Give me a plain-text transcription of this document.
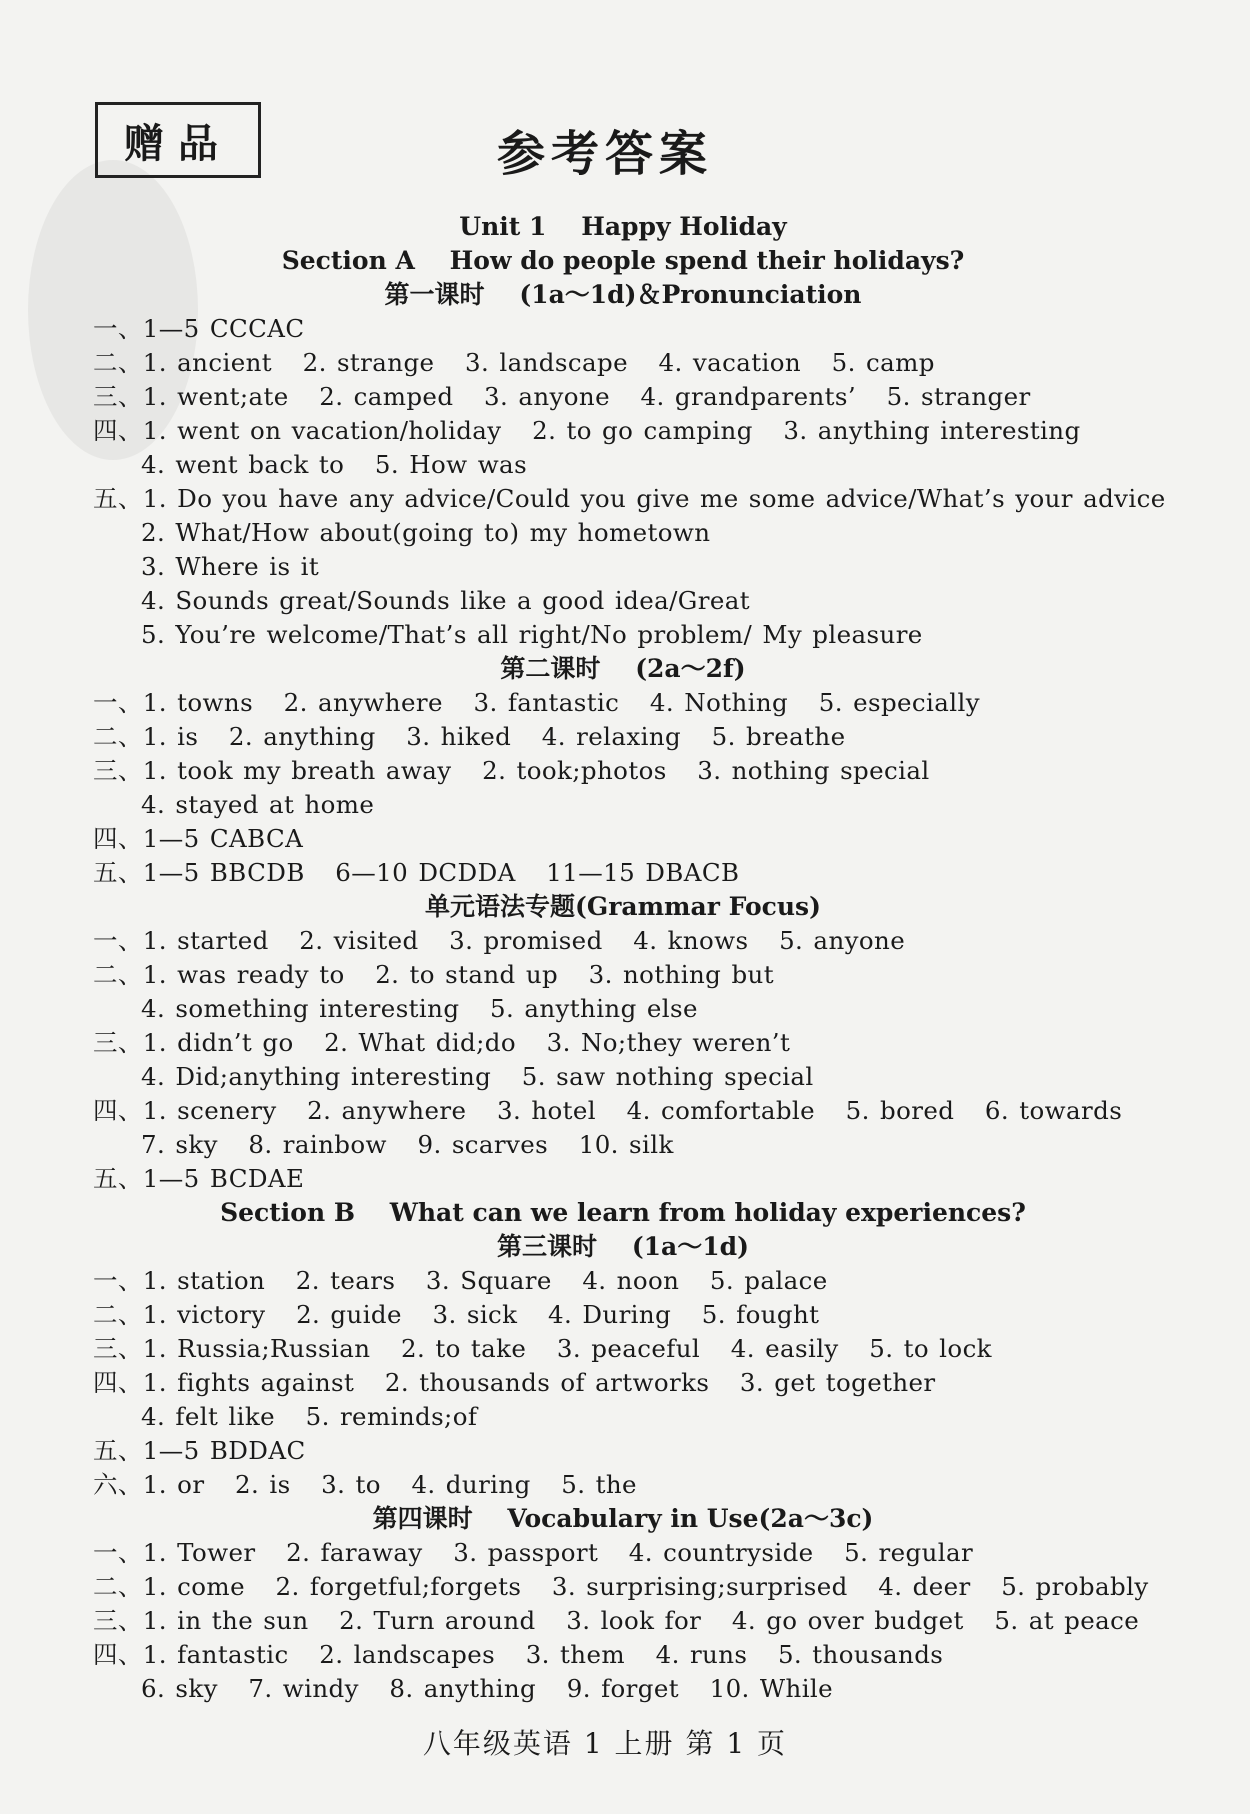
赠品	参考答案
Unit 1    Happy Holiday
Section A    How do people spend their holidays?
第一课时    (1a～1d)＆Pronunciation
一、1—5 CCCAC
二、1. ancient   2. strange   3. landscape   4. vacation   5. camp
三、1. went;ate   2. camped   3. anyone   4. grandparents’   5. stranger
四、1. went on vacation/holiday   2. to go camping   3. anything interesting
4. went back to   5. How was
五、1. Do you have any advice/Could you give me some advice/What’s your advice
2. What/How about(going to) my hometown
3. Where is it
4. Sounds great/Sounds like a good idea/Great
5. You’re welcome/That’s all right/No problem/ My pleasure
第二课时    (2a～2f)
一、1. towns   2. anywhere   3. fantastic   4. Nothing   5. especially
二、1. is   2. anything   3. hiked   4. relaxing   5. breathe
三、1. took my breath away   2. took;photos   3. nothing special
4. stayed at home
四、1—5 CABCA
五、1—5 BBCDB   6—10 DCDDA   11—15 DBACB
单元语法专题(Grammar Focus)
一、1. started   2. visited   3. promised   4. knows   5. anyone
二、1. was ready to   2. to stand up   3. nothing but
4. something interesting   5. anything else
三、1. didn’t go   2. What did;do   3. No;they weren’t
4. Did;anything interesting   5. saw nothing special
四、1. scenery   2. anywhere   3. hotel   4. comfortable   5. bored   6. towards
7. sky   8. rainbow   9. scarves   10. silk
五、1—5 BCDAE
Section B    What can we learn from holiday experiences?
第三课时    (1a～1d)
一、1. station   2. tears   3. Square   4. noon   5. palace
二、1. victory   2. guide   3. sick   4. During   5. fought
三、1. Russia;Russian   2. to take   3. peaceful   4. easily   5. to lock
四、1. fights against   2. thousands of artworks   3. get together
4. felt like   5. reminds;of
五、1—5 BDDAC
六、1. or   2. is   3. to   4. during   5. the
第四课时    Vocabulary in Use(2a～3c)
一、1. Tower   2. faraway   3. passport   4. countryside   5. regular
二、1. come   2. forgetful;forgets   3. surprising;surprised   4. deer   5. probably
三、1. in the sun   2. Turn around   3. look for   4. go over budget   5. at peace
四、1. fantastic   2. landscapes   3. them   4. runs   5. thousands
6. sky   7. windy   8. anything   9. forget   10. While
八年级英语 1 上册 第 1 页
